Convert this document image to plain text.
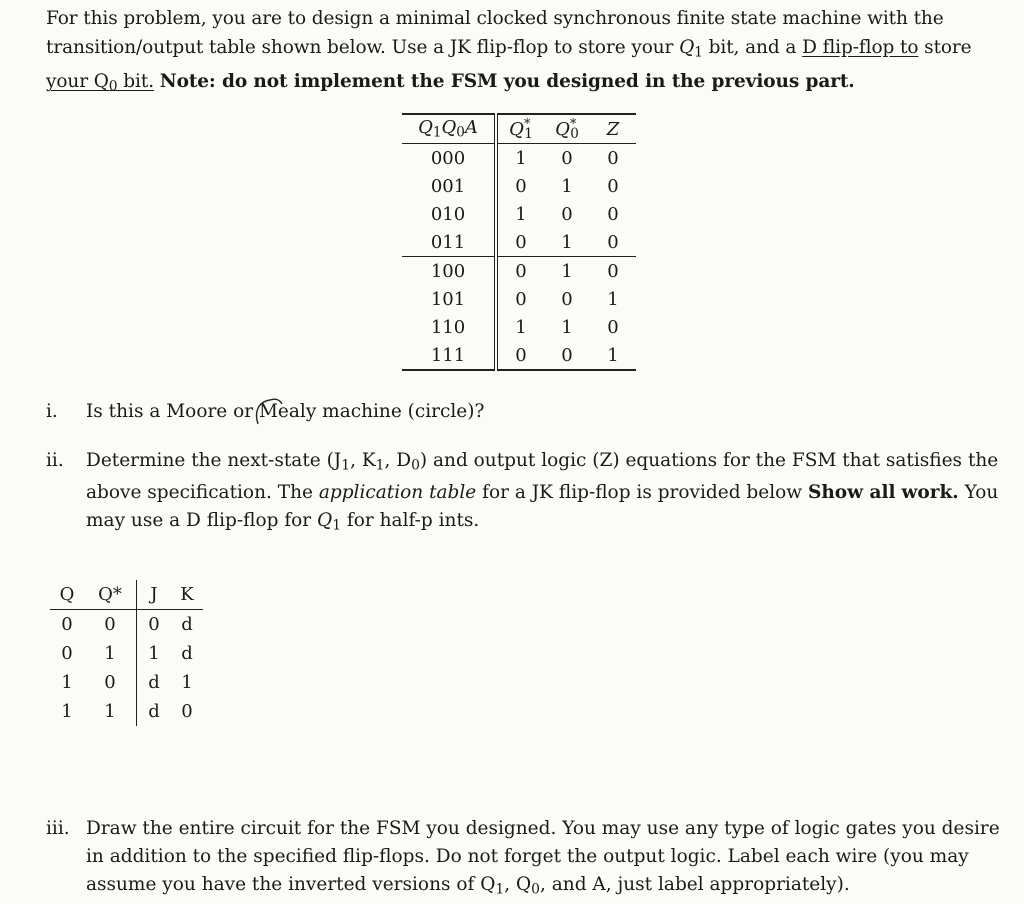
For this problem, you are to design a minimal clocked synchronous finite state machine with the transition/output table shown below. Use a JK flip-flop to store your $Q_1$ bit, and a D flip-flop to store your $Q_0$ bit. Note: do not implement the FSM you designed in the previous part.

$Q_1Q_0A$	$Q^*_1$	$Q^*_0$	Z
000	1	0	0
001	0	1	0
010	1	0	0
011	0	1	0
100	0	1	0
101	0	0	1
110	1	1	0
111	0	0	1
i.	Is this a Moore or Mealy machine (circle)?
ii.	Determine the next-state ($J_1$, $K_1$, $D_0$) and output logic (Z) equations for the FSM that satisfies the above specification. The application table for a JK flip-flop is provided below Show all work. You may use a D flip-flop for $Q_1$ for half-p ints.

Q	Q*	J	K
0	0	0	d
0	1	1	d
1	0	d	1
1	1	d	0
iii. Draw the entire circuit for the FSM you designed. You may use any type of logic gates you desire in addition to the specified flip-flops. Do not forget the output logic. Label each wire (you may assume you have the inverted versions of $Q_1$, $Q_0$, and A, just label appropriately).
